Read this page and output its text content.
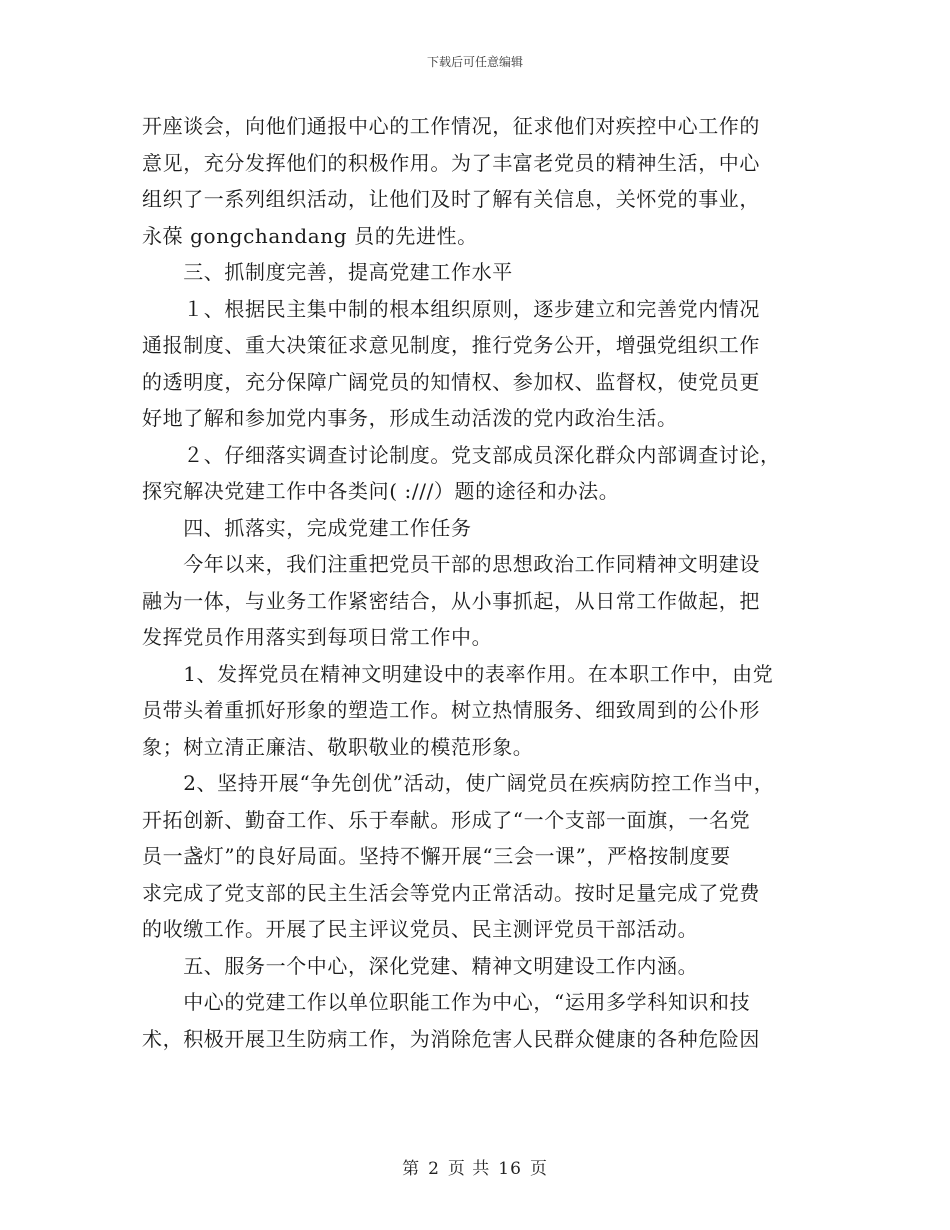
下载后可任意编辑
开座谈会，向他们通报中心的工作情况，征求他们对疾控中心工作的
意见，充分发挥他们的积极作用。为了丰富老党员的精神生活，中心
组织了一系列组织活动，让他们及时了解有关信息，关怀党的事业，
永葆 gongchandang 员的先进性。
　　三、抓制度完善，提高党建工作水平
　　１、根据民主集中制的根本组织原则，逐步建立和完善党内情况
通报制度、重大决策征求意见制度，推行党务公开，增强党组织工作
的透明度，充分保障广阔党员的知情权、参加权、监督权，使党员更
好地了解和参加党内事务，形成生动活泼的党内政治生活。
　　２、仔细落实调查讨论制度。党支部成员深化群众内部调查讨论，
探究解决党建工作中各类问( :///）题的途径和办法。
　　四、抓落实，完成党建工作任务
　　今年以来，我们注重把党员干部的思想政治工作同精神文明建设
融为一体，与业务工作紧密结合，从小事抓起，从日常工作做起，把
发挥党员作用落实到每项日常工作中。
　　1、发挥党员在精神文明建设中的表率作用。在本职工作中，由党
员带头着重抓好形象的塑造工作。树立热情服务、细致周到的公仆形
象；树立清正廉洁、敬职敬业的模范形象。
　　2、坚持开展“争先创优”活动，使广阔党员在疾病防控工作当中，
开拓创新、勤奋工作、乐于奉献。形成了“一个支部一面旗，一名党
员一盏灯”的良好局面。坚持不懈开展“三会一课”，严格按制度要
求完成了党支部的民主生活会等党内正常活动。按时足量完成了党费
的收缴工作。开展了民主评议党员、民主测评党员干部活动。
　　五、服务一个中心，深化党建、精神文明建设工作内涵。
　　中心的党建工作以单位职能工作为中心，“运用多学科知识和技
术，积极开展卫生防病工作，为消除危害人民群众健康的各种危险因
第 2 页 共 16 页
